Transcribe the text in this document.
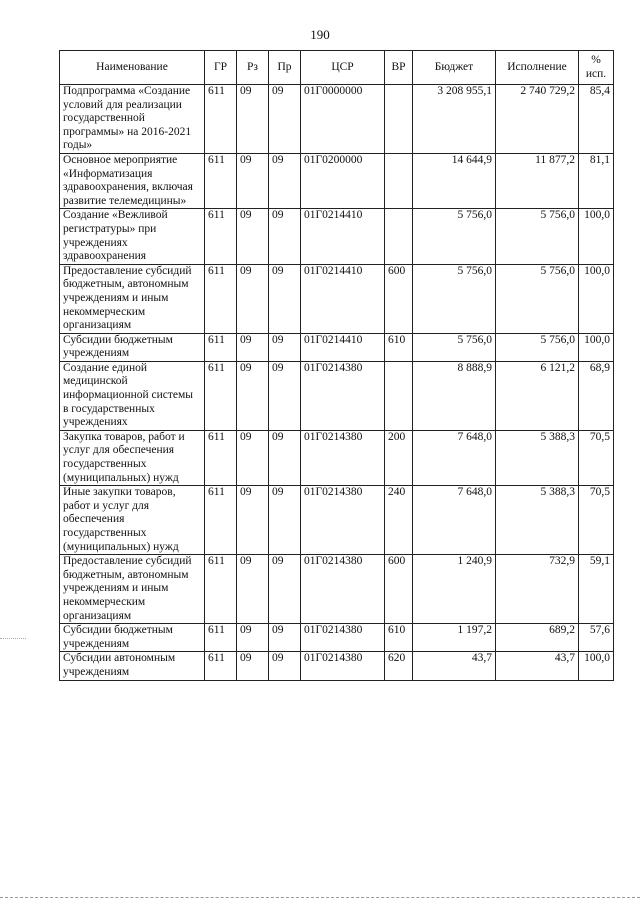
190
Наименование	ГР	Рз	Пр	ЦСР	ВР	Бюджет	Исполнение	% исп.
Подпрограмма «Создание условий для реализации государственной программы» на 2016-2021 годы»	611	09	09	01Г0000000		3 208 955,1	2 740 729,2	85,4
Основное мероприятие «Информатизация здравоохранения, включая развитие телемедицины»	611	09	09	01Г0200000		14 644,9	11 877,2	81,1
Создание «Вежливой регистратуры» при учреждениях здравоохранения	611	09	09	01Г0214410		5 756,0	5 756,0	100,0
Предоставление субсидий бюджетным, автономным учреждениям и иным некоммерческим организациям	611	09	09	01Г0214410	600	5 756,0	5 756,0	100,0
Субсидии бюджетным учреждениям	611	09	09	01Г0214410	610	5 756,0	5 756,0	100,0
Создание единой медицинской информационной системы в государственных учреждениях	611	09	09	01Г0214380		8 888,9	6 121,2	68,9
Закупка товаров, работ и услуг для обеспечения государственных (муниципальных) нужд	611	09	09	01Г0214380	200	7 648,0	5 388,3	70,5
Иные закупки товаров, работ и услуг для обеспечения государственных (муниципальных) нужд	611	09	09	01Г0214380	240	7 648,0	5 388,3	70,5
Предоставление субсидий бюджетным, автономным учреждениям и иным некоммерческим организациям	611	09	09	01Г0214380	600	1 240,9	732,9	59,1
Субсидии бюджетным учреждениям	611	09	09	01Г0214380	610	1 197,2	689,2	57,6
Субсидии автономным учреждениям	611	09	09	01Г0214380	620	43,7	43,7	100,0
